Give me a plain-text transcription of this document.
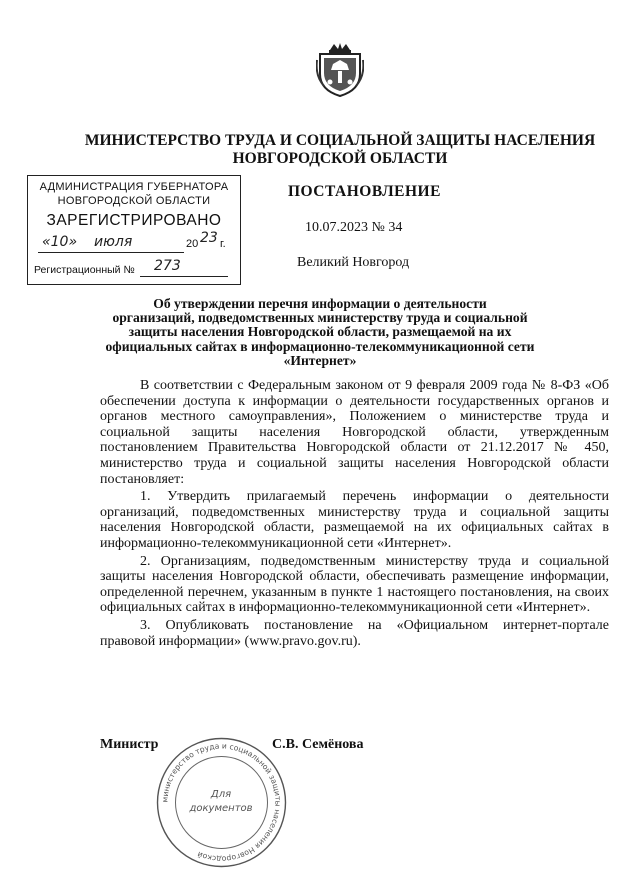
МИНИСТЕРСТВО ТРУДА И СОЦИАЛЬНОЙ ЗАЩИТЫ НАСЕЛЕНИЯ
НОВГОРОДСКОЙ ОБЛАСТИ
АДМИНИСТРАЦИЯ ГУБЕРНАТОРА
НОВГОРОДСКОЙ ОБЛАСТИ
ЗАРЕГИСТРИРОВАНО
«10» июля	20 23 г.
Регистрационный № 273
ПОСТАНОВЛЕНИЕ
10.07.2023 № 34
Великий Новгород
Об утверждении перечня информации о деятельности
организаций, подведомственных министерству труда и социальной
защиты населения Новгородской области, размещаемой на их
официальных сайтах в информационно-телекоммуникационной сети
«Интернет»

В соответствии с Федеральным законом от 9 февраля 2009 года № 8-ФЗ «Об обеспечении доступа к информации о деятельности государственных органов и органов местного самоуправления», Положением о министерстве труда и социальной защиты населения Новгородской области, утвержденным постановлением Правительства Новгородской области от 21.12.2017 № 450, министерство труда и социальной защиты населения Новгородской области постановляет:

1. Утвердить прилагаемый перечень информации о деятельности организаций, подведомственных министерству труда и социальной защиты населения Новгородской области, размещаемой на их официальных сайтах в информационно-телекоммуникационной сети «Интернет».

2. Организациям, подведомственным министерству труда и социальной защиты населения Новгородской области, обеспечивать размещение информации, определенной перечнем, указанным в пункте 1 настоящего постановления, на своих официальных сайтах в информационно-телекоммуникационной сети «Интернет».

3. Опубликовать постановление на «Официальном интернет-портале правовой информации» (www.pravo.gov.ru).

министерство труда и социальной защиты населения Новгородской
Для
документов
Министр	С.В. Семёнова
